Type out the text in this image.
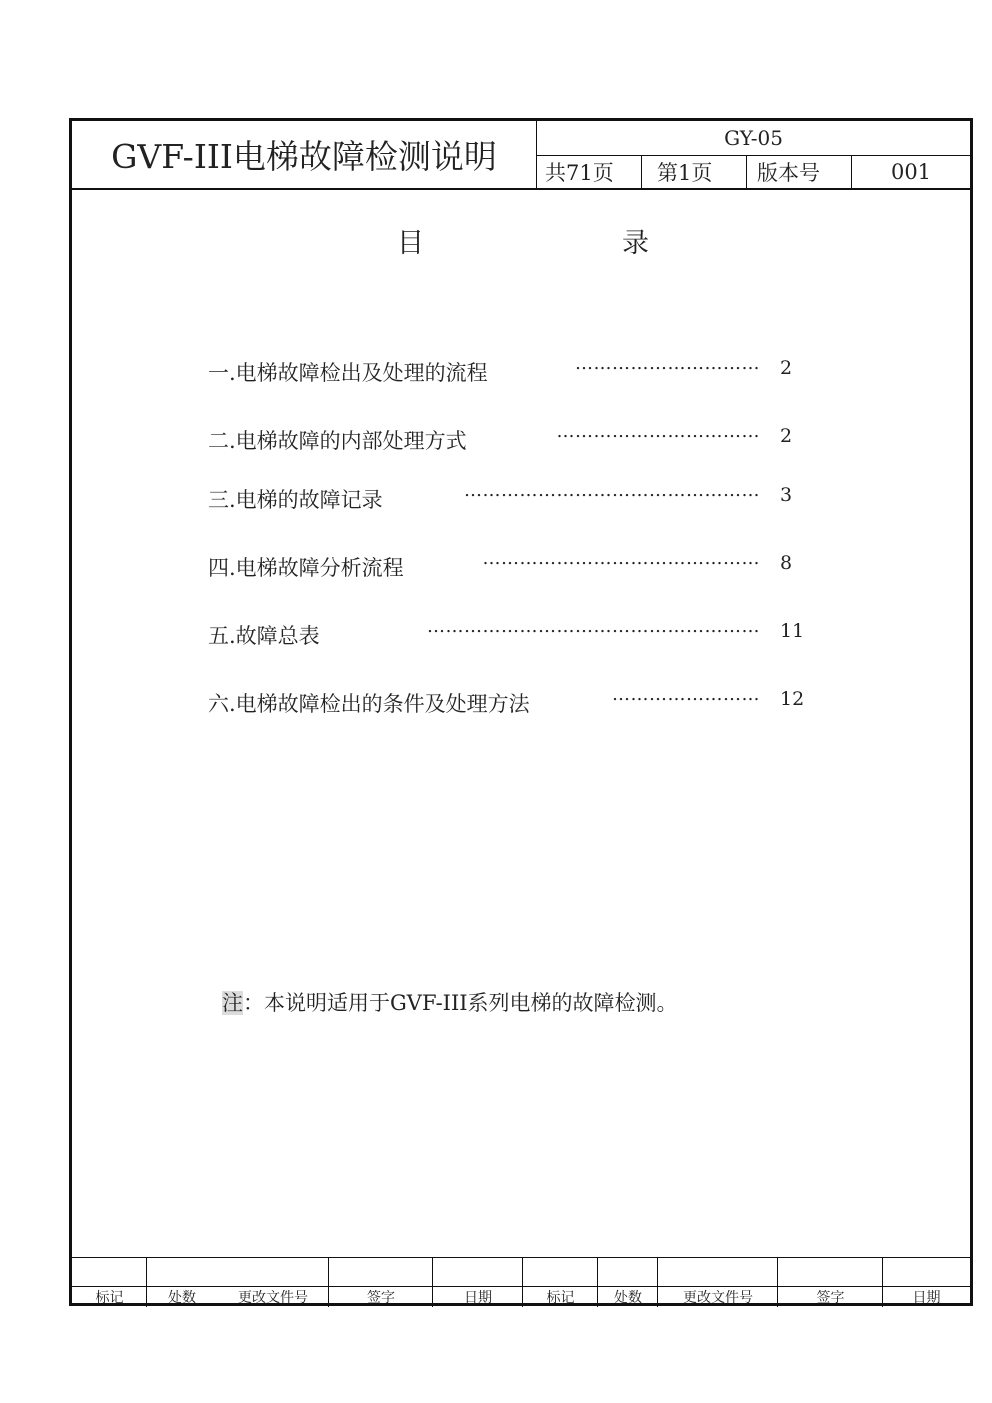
GVF-III电梯故障检测说明	GY-05
共71页	第1页	版本号	001
目	录
一.电梯故障检出及处理的流程	………………………… 2
二.电梯故障的内部处理方式	…………………………… 2
三.电梯的故障记录	………………………………………… 3
四.电梯故障分析流程	……………………………………… 8
五.故障总表	……………………………………………… 11
六.电梯故障检出的条件及处理方法	…………………… 12
注：本说明适用于GVF-III系列电梯的故障检测。
标记	处数	更改文件号	签字	日期	标记	处数	更改文件号	签字	日期
